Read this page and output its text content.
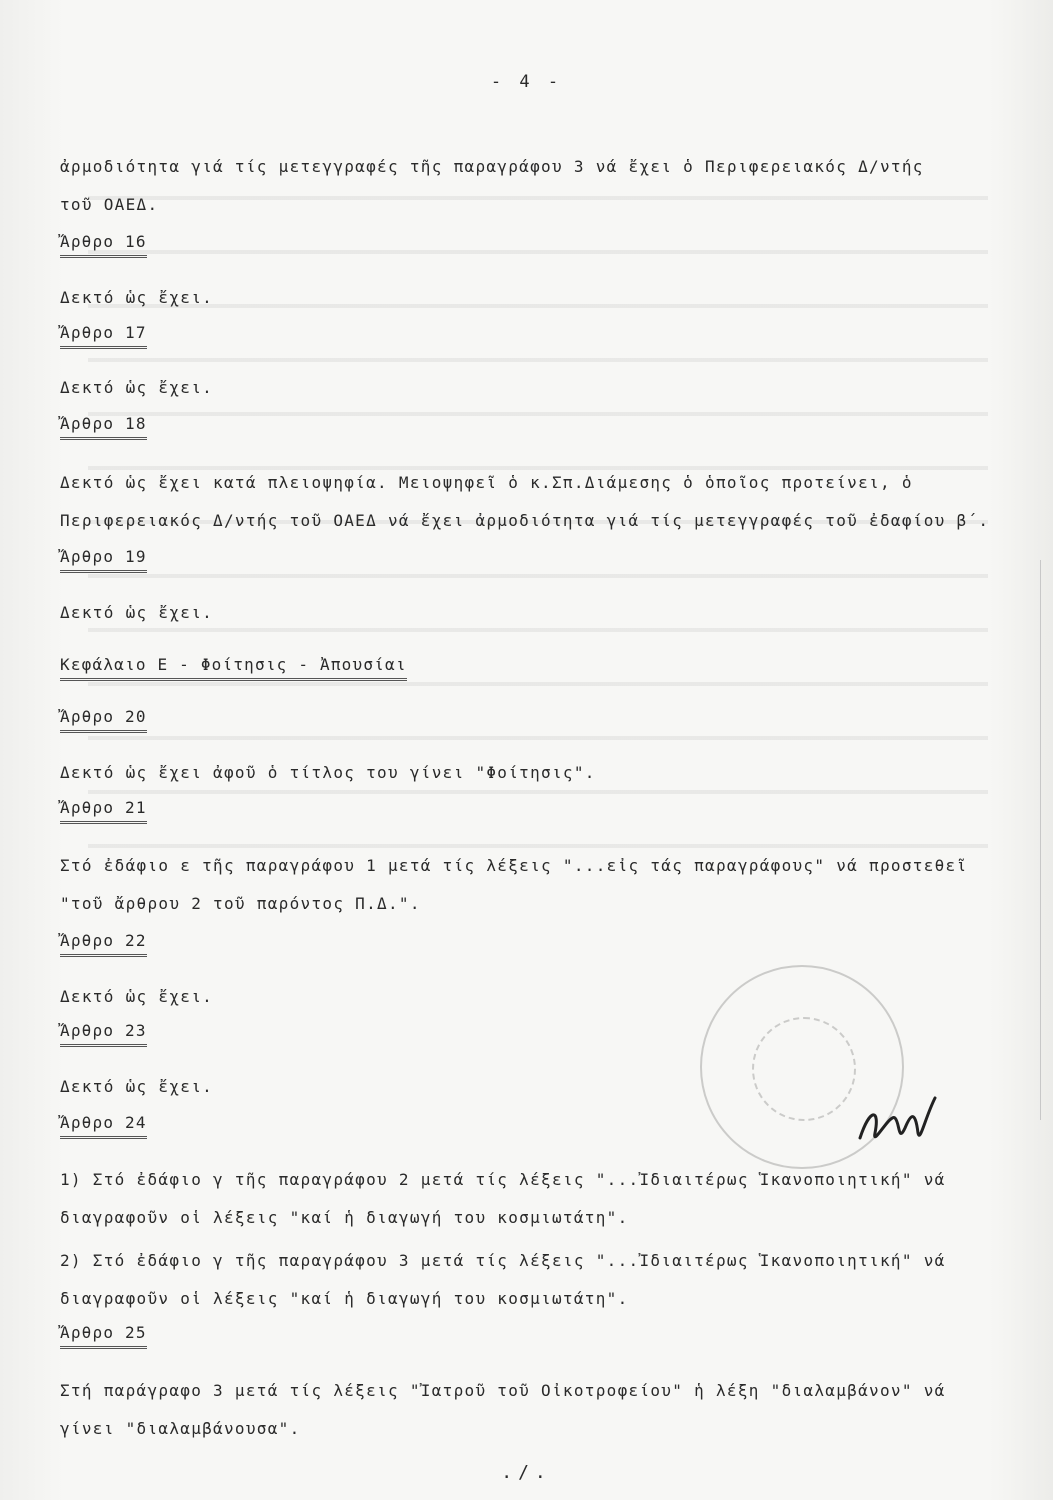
- 4 -
ἀρμοδιότητα γιά τίς μετεγγραφές τῆς παραγράφου 3 νά ἔχει ὁ Περιφερειακός Δ/ντής
τοῦ ΟΑΕΔ.
Ἄρθρο 16
Δεκτό ὡς ἔχει.
Ἄρθρο 17
Δεκτό ὡς ἔχει.
Ἄρθρο 18
Δεκτό ὡς ἔχει κατά πλειοψηφία. Μειοψηφεῖ ὁ κ.Σπ.Διάμεσης ὁ ὁποῖος προτείνει, ὁ
Περιφερειακός Δ/ντής τοῦ ΟΑΕΔ νά ἔχει ἀρμοδιότητα γιά τίς μετεγγραφές τοῦ ἐδαφίου β΄.
Ἄρθρο 19
Δεκτό ὡς ἔχει.
Κεφάλαιο Ε - Φοίτησις - Ἀπουσίαι
Ἄρθρο 20
Δεκτό ὡς ἔχει ἀφοῦ ὁ τίτλος του γίνει "Φοίτησις".
Ἄρθρο 21
Στό ἐδάφιο ε τῆς παραγράφου 1 μετά τίς λέξεις "...εἰς τάς παραγράφους" νά προστεθεῖ
"τοῦ ἄρθρου 2 τοῦ παρόντος Π.Δ.".
Ἄρθρο 22
Δεκτό ὡς ἔχει.
Ἄρθρο 23
Δεκτό ὡς ἔχει.
Ἄρθρο 24
1) Στό ἐδάφιο γ τῆς παραγράφου 2 μετά τίς λέξεις "...Ἰδιαιτέρως Ἱκανοποιητική" νά
διαγραφοῦν οἱ λέξεις "καί ἡ διαγωγή του κοσμιωτάτη".
2) Στό ἐδάφιο γ τῆς παραγράφου 3 μετά τίς λέξεις "...Ἰδιαιτέρως Ἱκανοποιητική" νά
διαγραφοῦν οἱ λέξεις "καί ἡ διαγωγή του κοσμιωτάτη".
Ἄρθρο 25
Στή παράγραφο 3 μετά τίς λέξεις "Ἰατροῦ τοῦ Οἰκοτροφείου" ἡ λέξη "διαλαμβάνον" νά
γίνει "διαλαμβάνουσα".
./.
